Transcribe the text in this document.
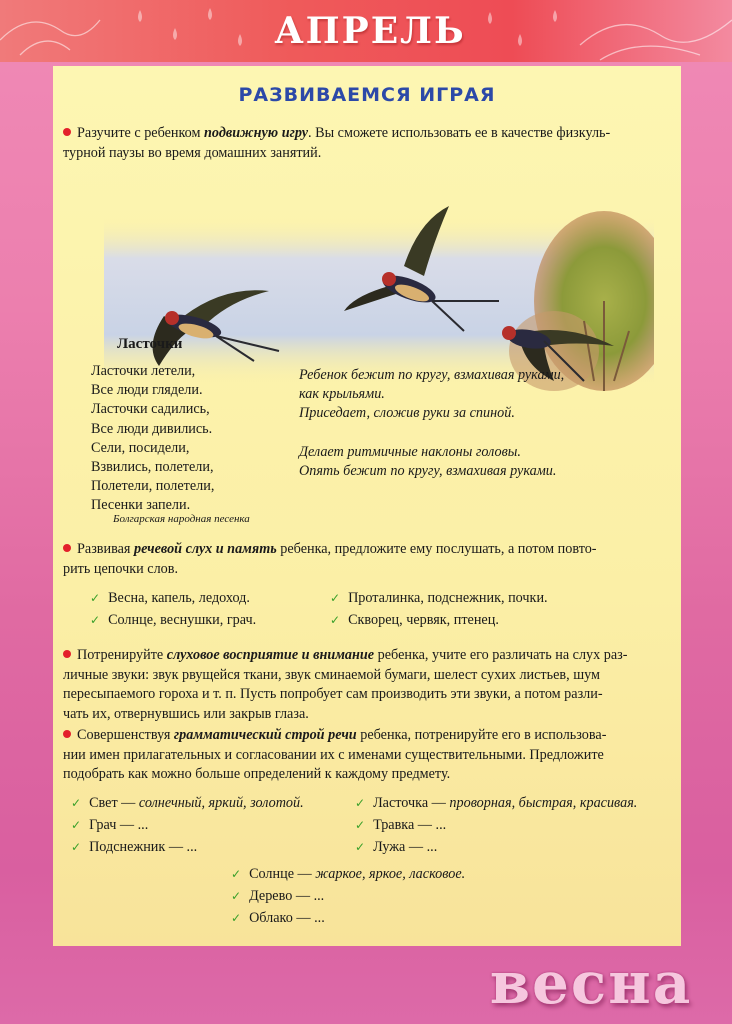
АПРЕЛЬ
РАЗВИВАЕМСЯ ИГРАЯ
Разучите с ребенком подвижную игру. Вы сможете использовать ее в качестве физкуль-
турной паузы во время домашних занятий.
Ласточки
Ласточки летели,
Все люди глядели.
Ласточки садились,
Все люди дивились.
Сели, посидели,
Взвились, полетели,
Полетели, полетели,
Песенки запели.
Болгарская народная песенка
Ребенок бежит по кругу, взмахивая руками,
как крыльями.
Приседает, сложив руки за спиной.
Делает ритмичные наклоны головы.
Опять бежит по кругу, взмахивая руками.
Развивая речевой слух и память ребенка, предложите ему послушать, а потом повто-
рить цепочки слов.
✓ Весна, капель, ледоход.
✓ Солнце, веснушки, грач.
✓ Проталинка, подснежник, почки.
✓ Скворец, червяк, птенец.
Потренируйте слуховое восприятие и внимание ребенка, учите его различать на слух раз-
личные звуки: звук рвущейся ткани, звук сминаемой бумаги, шелест сухих листьев, шум
пересыпаемого гороха и т. п. Пусть попробует сам производить эти звуки, а потом разли-
чать их, отвернувшись или закрыв глаза.
Совершенствуя грамматический строй речи ребенка, потренируйте его в использова-
нии имен прилагательных и согласовании их с именами существительными. Предложите
подобрать как можно больше определений к каждому предмету.
✓ Свет — солнечный, яркий, золотой.
✓ Грач — ...
✓ Подснежник — ...
✓ Ласточка — проворная, быстрая, красивая.
✓ Травка — ...
✓ Лужа — ...
✓ Солнце — жаркое, яркое, ласковое.
✓ Дерево — ...
✓ Облако — ...
весна
